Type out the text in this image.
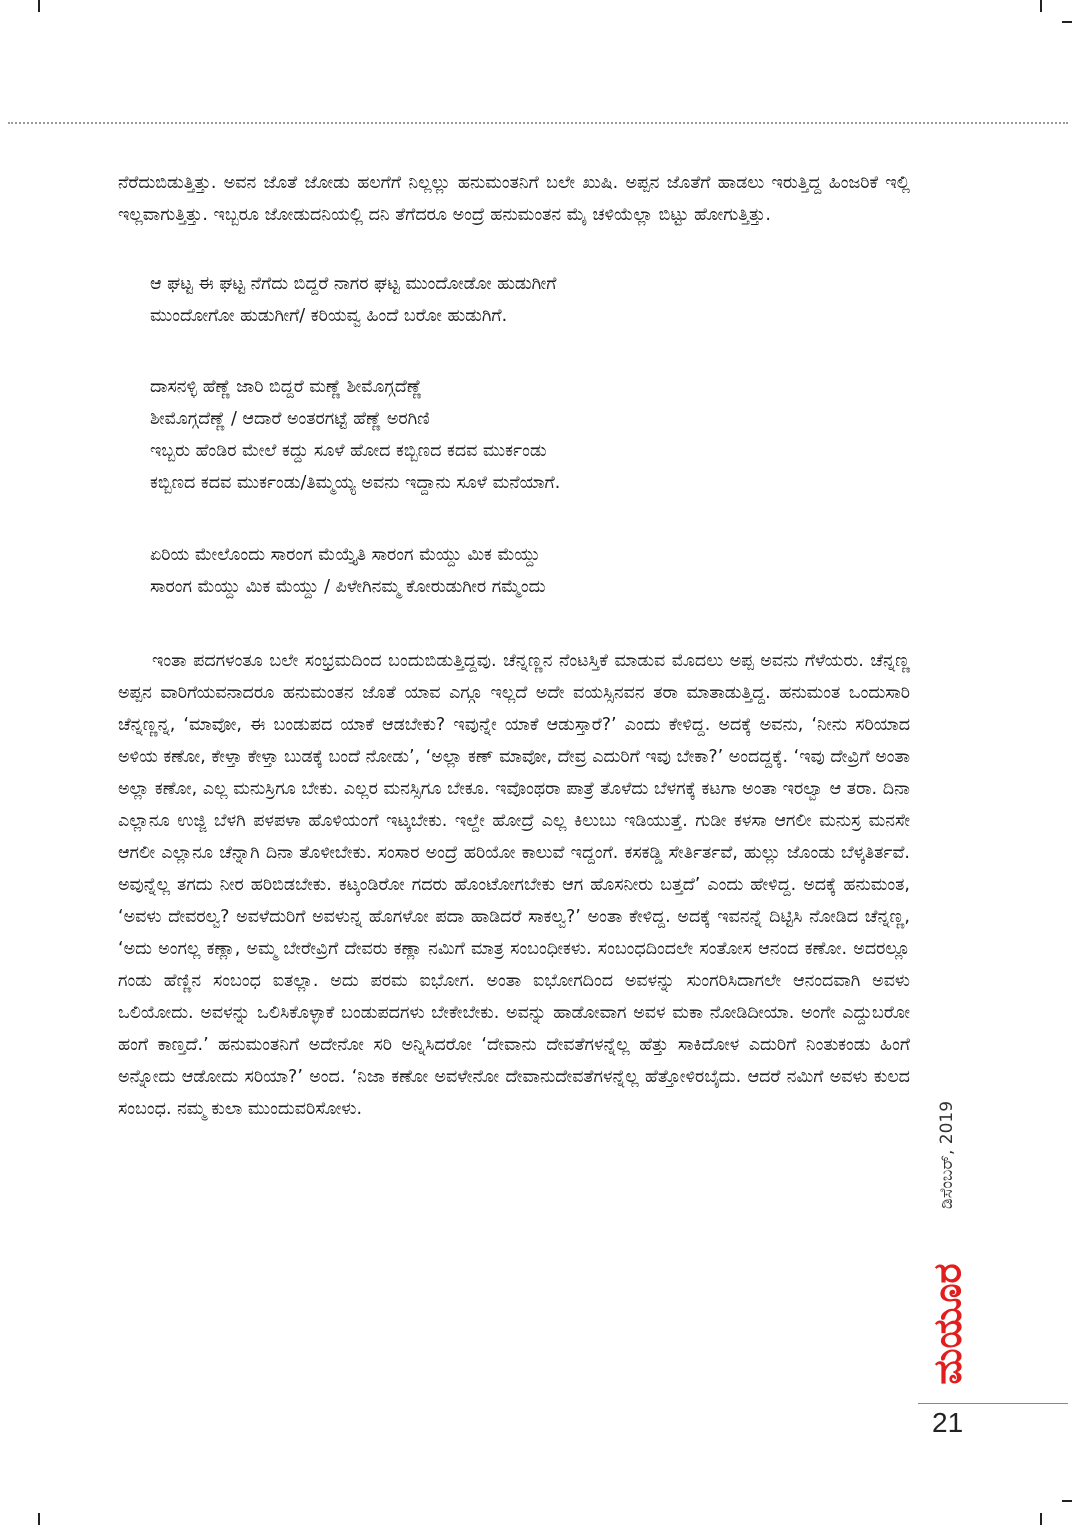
ನೆರೆದುಬಿಡುತ್ತಿತ್ತು. ಅವನ ಜೊತೆ ಜೋಡು ಹಲಗೆಗೆ ನಿಲ್ಲಲ್ಲು ಹನುಮಂತನಿಗೆ ಬಲೇ ಖುಷಿ. ಅಪ್ಪನ ಜೊತೆಗೆ ಹಾಡಲು ಇರುತ್ತಿದ್ದ ಹಿಂಜರಿಕೆ ಇಲ್ಲಿ ಇಲ್ಲವಾಗುತ್ತಿತ್ತು. ಇಬ್ಬರೂ ಜೋಡುದನಿಯಲ್ಲಿ ದನಿ ತೆಗೆದರೂ ಅಂದ್ರೆ ಹನುಮಂತನ ಮೈ ಚಳಿಯೆಲ್ಲಾ ಬಿಟ್ಟು ಹೋಗುತ್ತಿತ್ತು.

ಆ ಘಟ್ಟ ಈ ಘಟ್ಟ ನೆಗೆದು ಬಿದ್ದರೆ ನಾಗರ ಘಟ್ಟ ಮುಂದೋಡೋ ಹುಡುಗೀಗೆ
ಮುಂದೋಗೋ ಹುಡುಗೀಗೆ/ ಕರಿಯವ್ವ ಹಿಂದೆ ಬರೋ ಹುಡುಗಿಗೆ.
ದಾಸನಳ್ಳಿ ಹೆಣ್ಣೆ ಜಾರಿ ಬಿದ್ದರೆ ಮಣ್ಣೆ ಶೀಮೊಗ್ಗದೆಣ್ಣೆ
ಶೀಮೊಗ್ಗದೆಣ್ಣೆ / ಆದಾರೆ ಅಂತರಗಟ್ಟೆ ಹೆಣ್ಣೆ ಅರಗಿಣಿ
ಇಬ್ಬರು ಹೆಂಡಿರ ಮೇಲೆ ಕದ್ದು ಸೂಳೆ ಹೋದ ಕಬ್ಬಿಣದ ಕದವ ಮುರ್ಕಂಡು
ಕಬ್ಬಿಣದ ಕದವ ಮುರ್ಕಂಡು/ತಿಮ್ಮಯ್ಯ ಅವನು ಇದ್ದಾನು ಸೂಳೆ ಮನೆಯಾಗೆ.
ಏರಿಯ ಮೇಲೊಂದು ಸಾರಂಗ ಮೆಯ್ತೈತಿ ಸಾರಂಗ ಮೆಯ್ದು ಮಿಕ ಮೆಯ್ದು
ಸಾರಂಗ ಮೆಯ್ದು ಮಿಕ ಮೆಯ್ದು / ಪಿಳೇಗಿನಮ್ಮ ಕೋರುಡುಗೀರ ಗಮ್ಮೆಂದು

ಇಂತಾ ಪದಗಳಂತೂ ಬಲೇ ಸಂಭ್ರಮದಿಂದ ಬಂದುಬಿಡುತ್ತಿದ್ದವು. ಚೆನ್ನಣ್ಣನ ನೆಂಟಸ್ತಿಕೆ ಮಾಡುವ ಮೊದಲು ಅಪ್ಪ ಅವನು ಗೆಳೆಯರು. ಚೆನ್ನಣ್ಣ ಅಪ್ಪನ ವಾರಿಗೆಯವನಾದರೂ ಹನುಮಂತನ ಜೊತೆ ಯಾವ ಎಗ್ಗೂ ಇಲ್ಲದೆ ಅದೇ ವಯಸ್ಸಿನವನ ತರಾ ಮಾತಾಡುತ್ತಿದ್ದ. ಹನುಮಂತ ಒಂದುಸಾರಿ ಚೆನ್ನಣ್ಣನ್ನ, ‘ಮಾವೋ, ಈ ಬಂಡುಪದ ಯಾಕೆ ಆಡಬೇಕು? ಇವುನ್ನೇ ಯಾಕೆ ಆಡುಸ್ತಾರೆ?’ ಎಂದು ಕೇಳಿದ್ದ. ಅದಕ್ಕೆ ಅವನು, ‘ನೀನು ಸರಿಯಾದ ಅಳಿಯ ಕಣೋ, ಕೇಳ್ತಾ ಕೇಳ್ತಾ ಬುಡಕ್ಕೆ ಬಂದೆ ನೋಡು’, ‘ಅಲ್ಲಾ ಕಣ್ ಮಾವೋ, ದೇವ್ರ ಎದುರಿಗೆ ಇವು ಬೇಕಾ?’ ಅಂದದ್ದಕ್ಕೆ. ‘ಇವು ದೇವ್ರಿಗೆ ಅಂತಾ ಅಲ್ಲಾ ಕಣೋ, ಎಲ್ಲ ಮನುಸ್ರಿಗೂ ಬೇಕು. ಎಲ್ಲರ ಮನಸ್ಸಿಗೂ ಬೇಕೂ. ಇವೊಂಥರಾ ಪಾತ್ರೆ ತೊಳೆದು ಬೆಳಗಕ್ಕೆ ಕಟಗಾ ಅಂತಾ ಇರಲ್ವಾ ಆ ತರಾ. ದಿನಾ ಎಲ್ಲಾನೂ ಉಜ್ಜಿ ಬೆಳಗಿ ಪಳಪಳಾ ಹೊಳಿಯಂಗೆ ಇಟ್ಕಬೇಕು. ಇಲ್ದೇ ಹೋದ್ರೆ ಎಲ್ಲ ಕಿಲುಬು ಇಡಿಯುತ್ತೆ. ಗುಡೀ ಕಳಸಾ ಆಗಲೀ ಮನುಸ್ರ ಮನಸೇ ಆಗಲೀ ಎಲ್ಲಾನೂ ಚೆನ್ನಾಗಿ ದಿನಾ ತೊಳೀಬೇಕು. ಸಂಸಾರ ಅಂದ್ರೆ ಹರಿಯೋ ಕಾಲುವೆ ಇದ್ದಂಗೆ. ಕಸಕಡ್ಡಿ ಸೇರ್ತಿರ್ತವೆ, ಹುಲ್ಲು ಜೊಂಡು ಬೆಳ್ಕತಿರ್ತವೆ. ಅವುನ್ನೆಲ್ಲ ತಗದು ನೀರ ಹರಿಬಿಡಬೇಕು. ಕಟ್ಕಂಡಿರೋ ಗದರು ಹೊಂಟೋಗಬೇಕು ಆಗ ಹೊಸನೀರು ಬತ್ತದೆ’ ಎಂದು ಹೇಳಿದ್ದ. ಅದಕ್ಕೆ ಹನುಮಂತ, ‘ಅವಳು ದೇವರಲ್ವ? ಅವಳೆದುರಿಗೆ ಅವಳುನ್ನ ಹೊಗಳೋ ಪದಾ ಹಾಡಿದರೆ ಸಾಕಲ್ವ?’ ಅಂತಾ ಕೇಳಿದ್ದ. ಅದಕ್ಕೆ ಇವನನ್ನೆ ದಿಟ್ಟಿಸಿ ನೋಡಿದ ಚೆನ್ನಣ್ಣ, ‘ಅದು ಅಂಗಲ್ಲ ಕಣ್ಲಾ, ಅಮ್ಮ ಬೇರೇವ್ರಿಗೆ ದೇವರು ಕಣ್ಲಾ ನಮಿಗೆ ಮಾತ್ರ ಸಂಬಂಧೀಕಳು. ಸಂಬಂಧದಿಂದಲೇ ಸಂತೋಸ ಆನಂದ ಕಣೋ. ಅದರಲ್ಲೂ ಗಂಡು ಹೆಣ್ಣಿನ ಸಂಬಂಧ ಐತಲ್ಲಾ. ಅದು ಪರಮ ಐಭೋಗ. ಅಂತಾ ಐಭೋಗದಿಂದ ಅವಳನ್ನು ಸುಂಗರಿಸಿದಾಗಲೇ ಆನಂದವಾಗಿ ಅವಳು ಒಲಿಯೋದು. ಅವಳನ್ನು ಒಲಿಸಿಕೊಳ್ಳಾಕೆ ಬಂಡುಪದಗಳು ಬೇಕೇಬೇಕು. ಅವನ್ನು ಹಾಡೋವಾಗ ಅವಳ ಮಕಾ ನೋಡಿದೀಯಾ. ಅಂಗೇ ಎದ್ದುಬರೋ ಹಂಗೆ ಕಾಣ್ತದೆ.’ ಹನುಮಂತನಿಗೆ ಅದೇನೋ ಸರಿ ಅನ್ನಿಸಿದರೋ ‘ದೇವಾನು ದೇವತೆಗಳನ್ನೆಲ್ಲ ಹೆತ್ತು ಸಾಕಿದೋಳ ಎದುರಿಗೆ ನಿಂತುಕಂಡು ಹಿಂಗೆ ಅನ್ನೋದು ಆಡೋದು ಸರಿಯಾ?’ ಅಂದ. ‘ನಿಜಾ ಕಣೋ ಅವಳೇನೋ ದೇವಾನುದೇವತೆಗಳನ್ನೆಲ್ಲ ಹೆತ್ತೋಳಿರಬೈದು. ಆದರೆ ನಮಿಗೆ ಅವಳು ಕುಲದ ಸಂಬಂಧ. ನಮ್ಮ ಕುಲಾ ಮುಂದುವರಿಸೋಳು.	ಡಿಸೆಂಬರ್, 2019
ಮಯೂರ
21
